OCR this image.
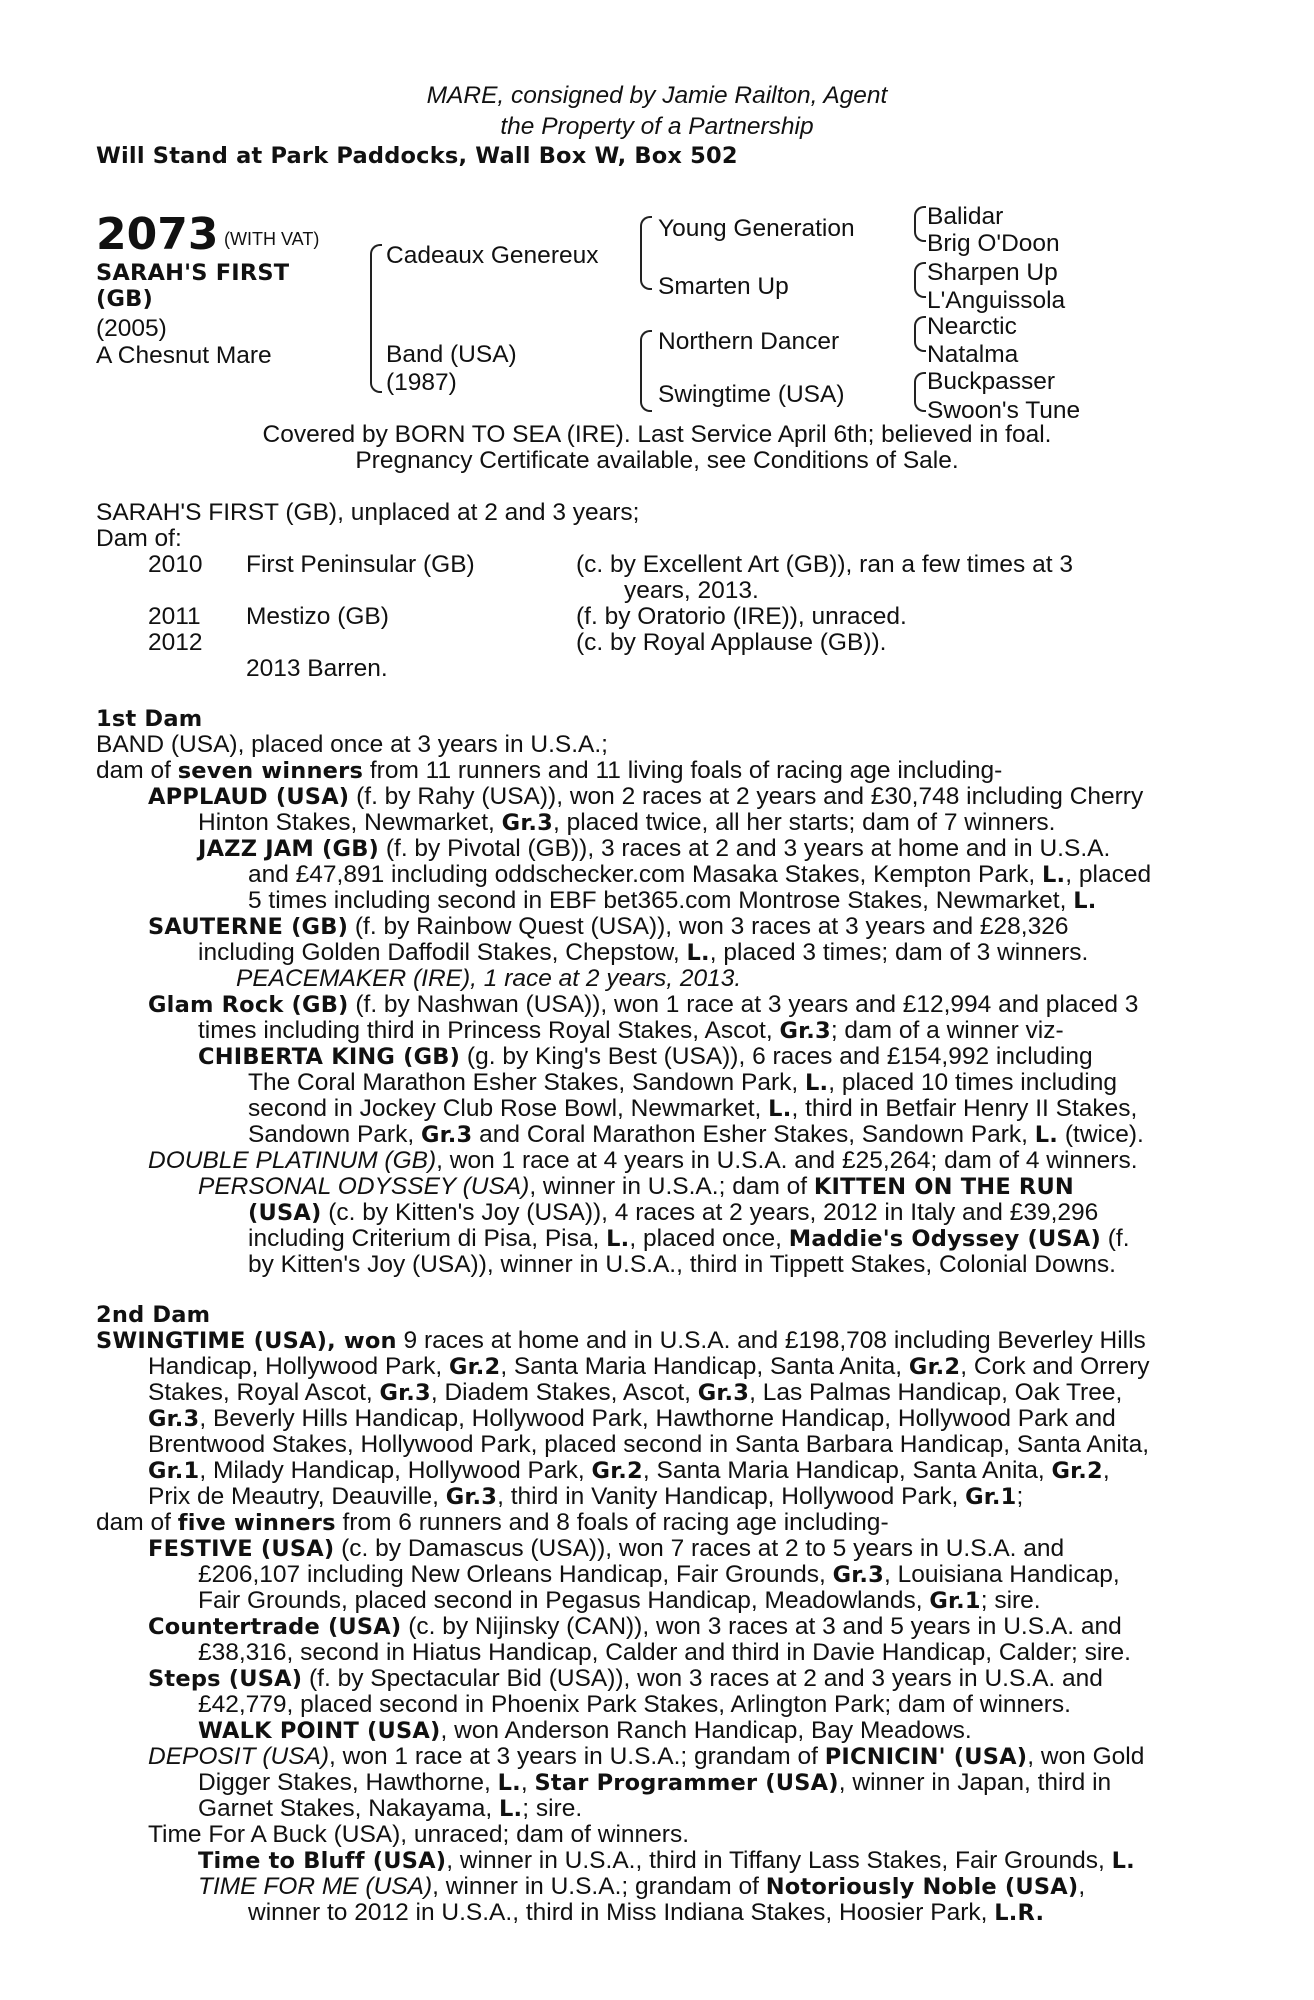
MARE, consigned by Jamie Railton, Agent
the Property of a Partnership
Will Stand at Park Paddocks, Wall Box W, Box 502
2073 (WITH VAT)
SARAH'S FIRST
(GB)
(2005)
A Chesnut Mare
Cadeaux Genereux
Band (USA)
(1987)
Young Generation
Smarten Up
Northern Dancer
Swingtime (USA)
Balidar
Brig O'Doon
Sharpen Up
L'Anguissola
Nearctic
Natalma
Buckpasser
Swoon's Tune
Covered by BORN TO SEA (IRE). Last Service April 6th; believed in foal.
Pregnancy Certificate available, see Conditions of Sale.
SARAH'S FIRST (GB), unplaced at 2 and 3 years;
Dam of:
2010 First Peninsular (GB)	(c. by Excellent Art (GB)), ran a few times at 3
years, 2013.
2011 Mestizo (GB)	(f. by Oratorio (IRE)), unraced.
2012	(c. by Royal Applause (GB)).
2013 Barren.
1st Dam
BAND (USA), placed once at 3 years in U.S.A.;
dam of seven winners from 11 runners and 11 living foals of racing age including-
APPLAUD (USA) (f. by Rahy (USA)), won 2 races at 2 years and £30,748 including Cherry
Hinton Stakes, Newmarket, Gr.3, placed twice, all her starts; dam of 7 winners.
JAZZ JAM (GB) (f. by Pivotal (GB)), 3 races at 2 and 3 years at home and in U.S.A.
and £47,891 including oddschecker.com Masaka Stakes, Kempton Park, L., placed
5 times including second in EBF bet365.com Montrose Stakes, Newmarket, L.
SAUTERNE (GB) (f. by Rainbow Quest (USA)), won 3 races at 3 years and £28,326
including Golden Daffodil Stakes, Chepstow, L., placed 3 times; dam of 3 winners.
PEACEMAKER (IRE), 1 race at 2 years, 2013.
Glam Rock (GB) (f. by Nashwan (USA)), won 1 race at 3 years and £12,994 and placed 3
times including third in Princess Royal Stakes, Ascot, Gr.3; dam of a winner viz-
CHIBERTA KING (GB) (g. by King's Best (USA)), 6 races and £154,992 including
The Coral Marathon Esher Stakes, Sandown Park, L., placed 10 times including
second in Jockey Club Rose Bowl, Newmarket, L., third in Betfair Henry II Stakes,
Sandown Park, Gr.3 and Coral Marathon Esher Stakes, Sandown Park, L. (twice).
DOUBLE PLATINUM (GB), won 1 race at 4 years in U.S.A. and £25,264; dam of 4 winners.
PERSONAL ODYSSEY (USA), winner in U.S.A.; dam of KITTEN ON THE RUN
(USA) (c. by Kitten's Joy (USA)), 4 races at 2 years, 2012 in Italy and £39,296
including Criterium di Pisa, Pisa, L., placed once, Maddie's Odyssey (USA) (f.
by Kitten's Joy (USA)), winner in U.S.A., third in Tippett Stakes, Colonial Downs.
2nd Dam
SWINGTIME (USA), won 9 races at home and in U.S.A. and £198,708 including Beverley Hills
Handicap, Hollywood Park, Gr.2, Santa Maria Handicap, Santa Anita, Gr.2, Cork and Orrery
Stakes, Royal Ascot, Gr.3, Diadem Stakes, Ascot, Gr.3, Las Palmas Handicap, Oak Tree,
Gr.3, Beverly Hills Handicap, Hollywood Park, Hawthorne Handicap, Hollywood Park and
Brentwood Stakes, Hollywood Park, placed second in Santa Barbara Handicap, Santa Anita,
Gr.1, Milady Handicap, Hollywood Park, Gr.2, Santa Maria Handicap, Santa Anita, Gr.2,
Prix de Meautry, Deauville, Gr.3, third in Vanity Handicap, Hollywood Park, Gr.1;
dam of five winners from 6 runners and 8 foals of racing age including-
FESTIVE (USA) (c. by Damascus (USA)), won 7 races at 2 to 5 years in U.S.A. and
£206,107 including New Orleans Handicap, Fair Grounds, Gr.3, Louisiana Handicap,
Fair Grounds, placed second in Pegasus Handicap, Meadowlands, Gr.1; sire.
Countertrade (USA) (c. by Nijinsky (CAN)), won 3 races at 3 and 5 years in U.S.A. and
£38,316, second in Hiatus Handicap, Calder and third in Davie Handicap, Calder; sire.
Steps (USA) (f. by Spectacular Bid (USA)), won 3 races at 2 and 3 years in U.S.A. and
£42,779, placed second in Phoenix Park Stakes, Arlington Park; dam of winners.
WALK POINT (USA), won Anderson Ranch Handicap, Bay Meadows.
DEPOSIT (USA), won 1 race at 3 years in U.S.A.; grandam of PICNICIN' (USA), won Gold
Digger Stakes, Hawthorne, L., Star Programmer (USA), winner in Japan, third in
Garnet Stakes, Nakayama, L.; sire.
Time For A Buck (USA), unraced; dam of winners.
Time to Bluff (USA), winner in U.S.A., third in Tiffany Lass Stakes, Fair Grounds, L.
TIME FOR ME (USA), winner in U.S.A.; grandam of Notoriously Noble (USA),
winner to 2012 in U.S.A., third in Miss Indiana Stakes, Hoosier Park, L.R.
